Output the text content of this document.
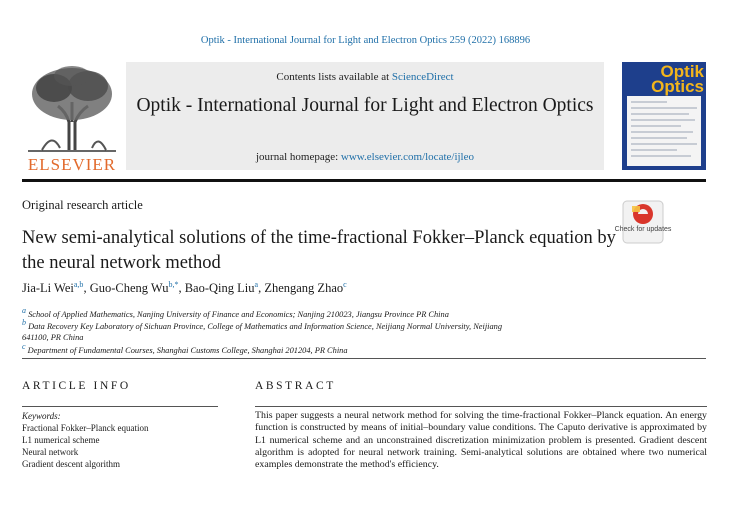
Optik - International Journal for Light and Electron Optics 259 (2022) 168896
ELSEVIER
Contents lists available at ScienceDirect
Optik - International Journal for Light and Electron Optics
journal homepage: www.elsevier.com/locate/ijleo
Optik
Optics
Original research article
Check for updates
New semi-analytical solutions of the time-fractional Fokker–Planck equation by the neural network method
Jia-Li Wei$^{a,b}$, Guo-Cheng $Wu^{b,*}$, Bao-Qing Liu$^a$, Zhengang Zhao$^c$
$^a$ School of Applied Mathematics, Nanjing University of Finance and Economics; Nanjing 210023, Jiangsu Province PR China
$^b$ Data Recovery Key Laboratory of Sichuan Province, College of Mathematics and Information Science, Neijiang Normal University, Neijiang 641100, PR China
$^c$ Department of Fundamental Courses, Shanghai Customs College, Shanghai 201204, PR China
ARTICLE INFO	ABSTRACT
Keywords:
Fractional Fokker–Planck equation
L1 numerical scheme
Neural network
Gradient descent algorithm
This paper suggests a neural network method for solving the time-fractional Fokker–Planck equation. An energy function is constructed by means of initial–boundary value conditions. The Caputo derivative is approximated by L1 numerical scheme and an unconstrained discretization minimization problem is presented. Gradient descent algorithm is adopted for neural network training. Semi-analytical solutions are obtained where two numerical examples demonstrate the method's efficiency.
